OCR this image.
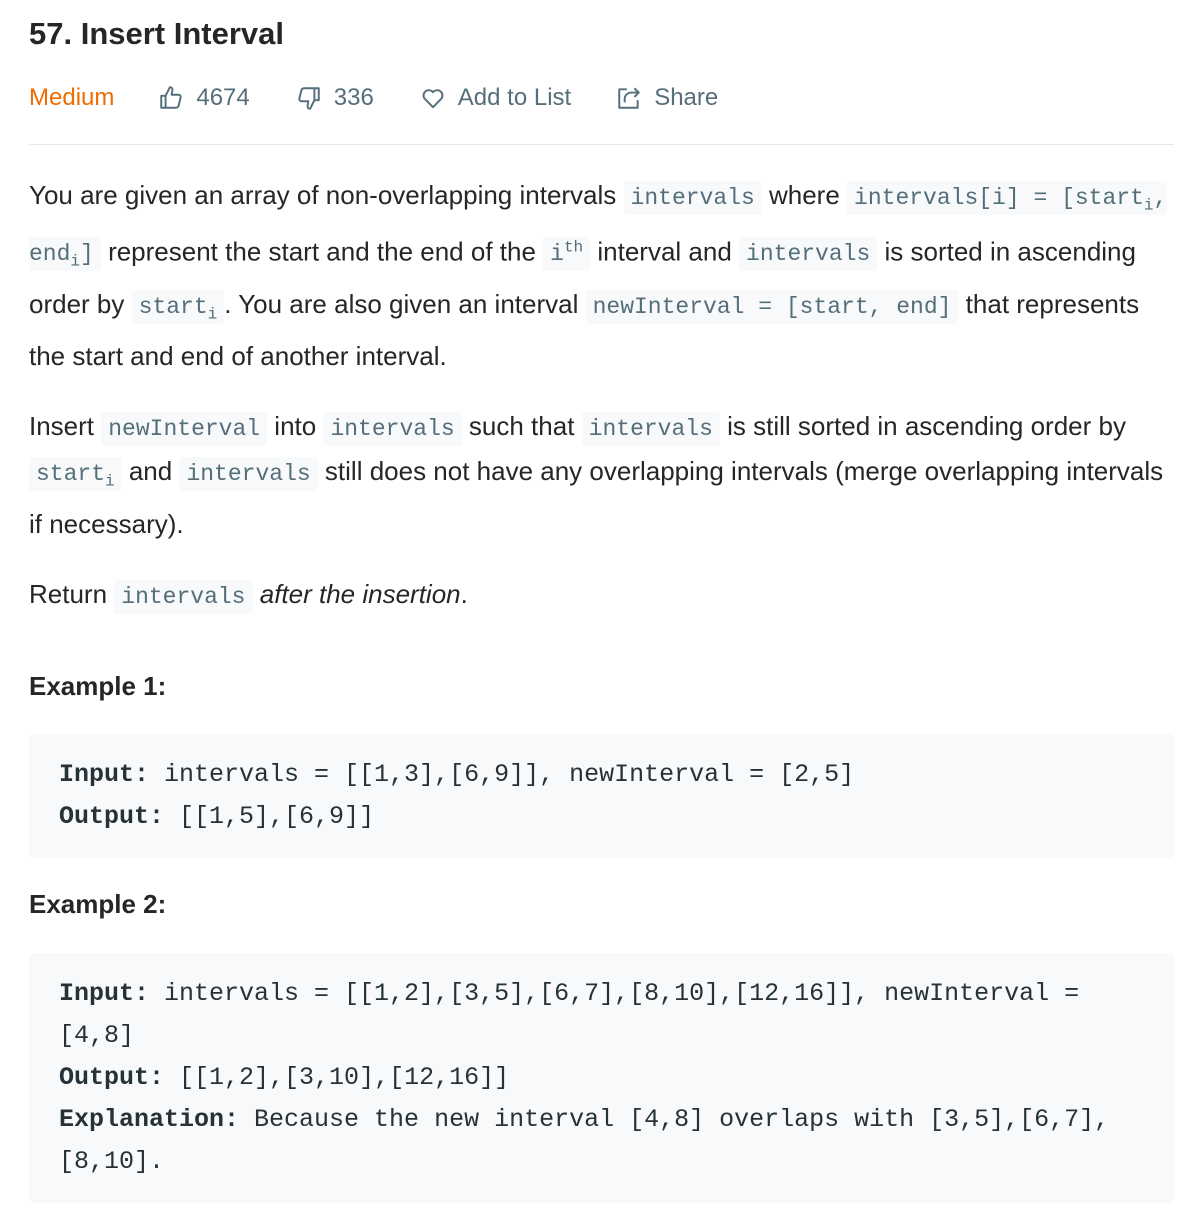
57. Insert Interval
Medium	4674	336	Add to List	Share

You are given an array of non-overlapping intervals intervals where intervals[i] = [start$_i$, end$_i$] represent the start and the end of the $i^{th}$ interval and intervals is sorted in ascending order by start$_i$ . You are also given an interval newInterval = [start, end] that represents the start and end of another interval.

Insert newInterval into intervals such that intervals is still sorted in ascending order by start$_i$ and intervals still does not have any overlapping intervals (merge overlapping intervals if necessary).

Return intervals after the insertion.

Example 1:

Input: intervals = [[1,3],[6,9]], newInterval = [2,5]
Output: [[1,5],[6,9]]

Example 2:

Input: intervals = [[1,2],[3,5],[6,7],[8,10],[12,16]], newInterval = [4,8]
Output: [[1,2],[3,10],[12,16]]
Explanation: Because the new interval [4,8] overlaps with [3,5],[6,7],[8,10].
